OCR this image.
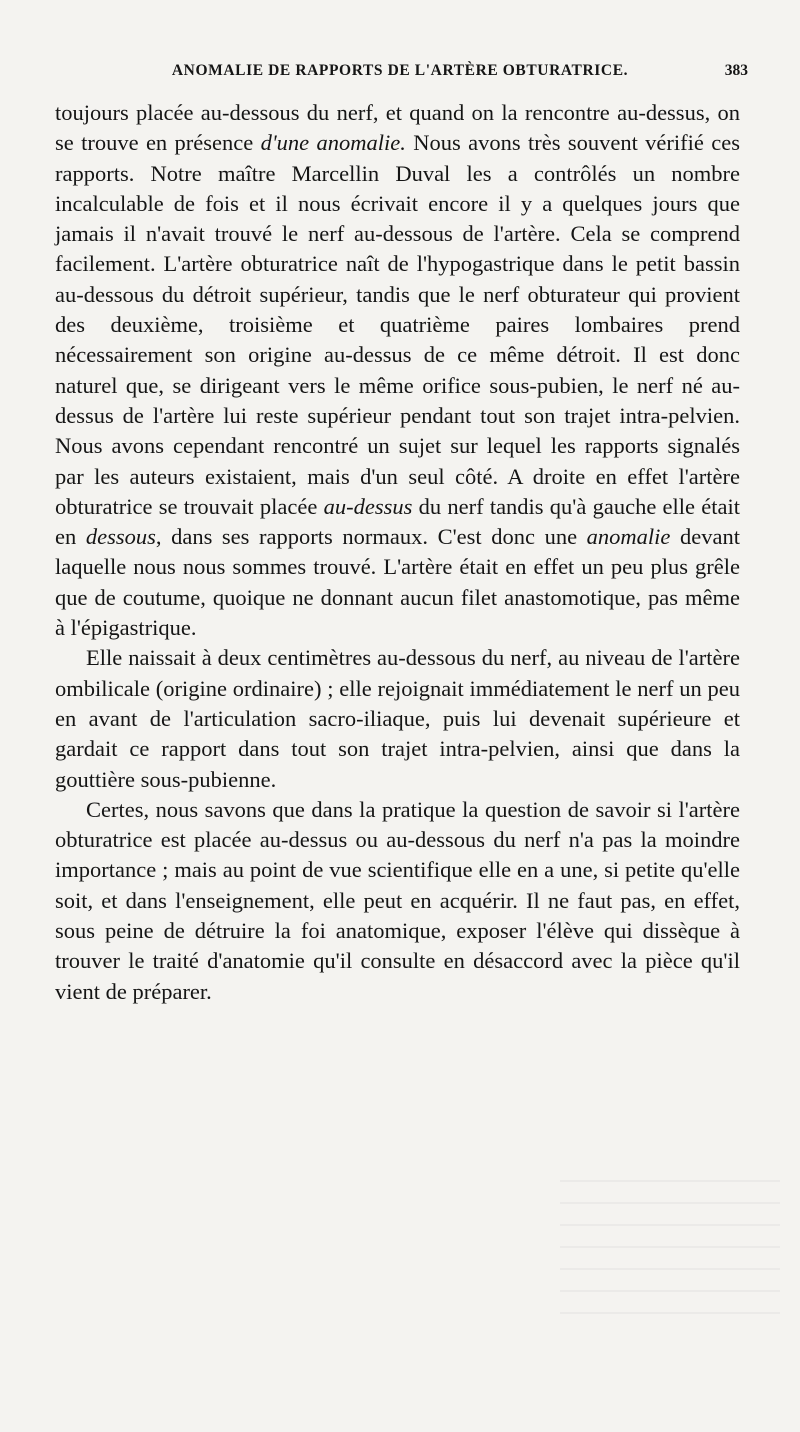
ANOMALIE DE RAPPORTS DE L'ARTÈRE OBTURATRICE.	383

toujours placée au-dessous du nerf, et quand on la rencontre au-dessus, on se trouve en présence d'une anomalie. Nous avons très souvent vérifié ces rapports. Notre maître Marcellin Duval les a contrôlés un nombre incalculable de fois et il nous écrivait encore il y a quelques jours que jamais il n'avait trouvé le nerf au-dessous de l'artère. Cela se comprend facilement. L'artère obturatrice naît de l'hypogastrique dans le petit bassin au-dessous du détroit supérieur, tandis que le nerf obturateur qui provient des deuxième, troisième et quatrième paires lombaires prend nécessairement son origine au-dessus de ce même détroit. Il est donc naturel que, se dirigeant vers le même orifice sous-pubien, le nerf né au-dessus de l'artère lui reste supérieur pendant tout son trajet intra-pelvien. Nous avons cependant rencontré un sujet sur lequel les rapports signalés par les auteurs existaient, mais d'un seul côté. A droite en effet l'artère obturatrice se trouvait placée au-dessus du nerf tandis qu'à gauche elle était en dessous, dans ses rapports normaux. C'est donc une anomalie devant laquelle nous nous sommes trouvé. L'artère était en effet un peu plus grêle que de coutume, quoique ne donnant aucun filet anastomotique, pas même à l'épigastrique.

Elle naissait à deux centimètres au-dessous du nerf, au niveau de l'artère ombilicale (origine ordinaire) ; elle rejoignait immédiatement le nerf un peu en avant de l'articulation sacro-iliaque, puis lui devenait supérieure et gardait ce rapport dans tout son trajet intra-pelvien, ainsi que dans la gouttière sous-pubienne.

Certes, nous savons que dans la pratique la question de savoir si l'artère obturatrice est placée au-dessus ou au-dessous du nerf n'a pas la moindre importance ; mais au point de vue scientifique elle en a une, si petite qu'elle soit, et dans l'enseignement, elle peut en acquérir. Il ne faut pas, en effet, sous peine de détruire la foi anatomique, exposer l'élève qui dissèque à trouver le traité d'anatomie qu'il consulte en désaccord avec la pièce qu'il vient de préparer.
